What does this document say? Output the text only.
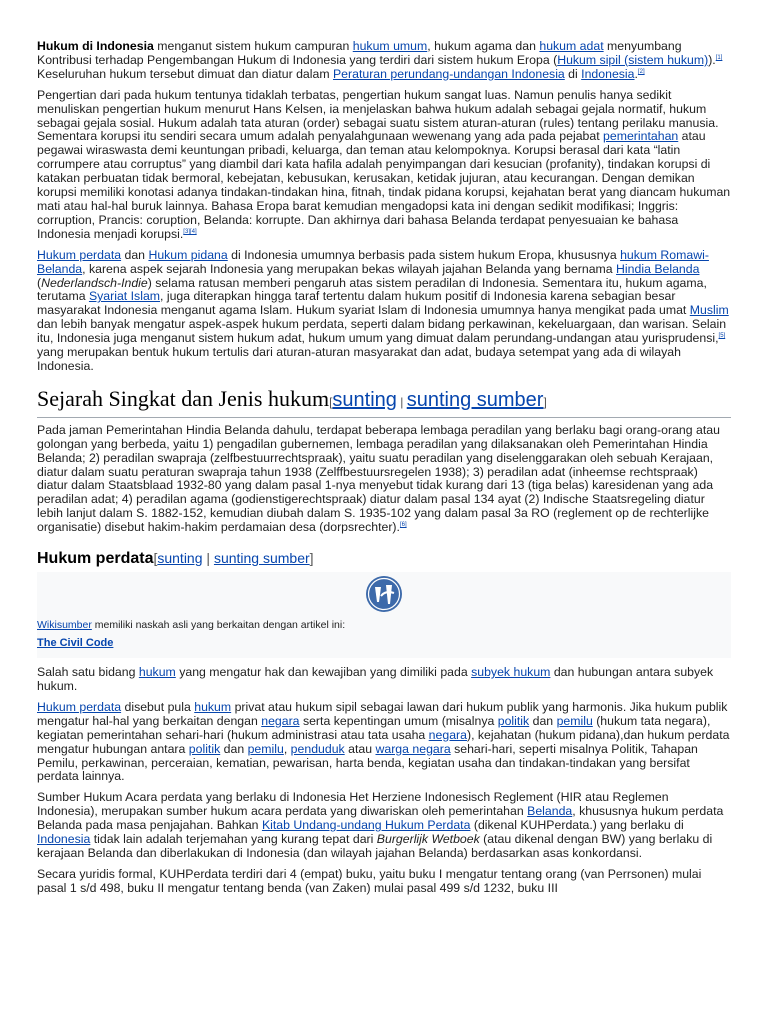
Hukum di Indonesia menganut sistem hukum campuran hukum umum, hukum agama dan hukum adat menyumbang Kontribusi terhadap Pengembangan Hukum di Indonesia yang terdiri dari sistem hukum Eropa (Hukum sipil (sistem hukum)).[1] Keseluruhan hukum tersebut dimuat dan diatur dalam Peraturan perundang-undangan Indonesia di Indonesia.[2]

Pengertian dari pada hukum tentunya tidaklah terbatas, pengertian hukum sangat luas. Namun penulis hanya sedikit menuliskan pengertian hukum menurut Hans Kelsen, ia menjelaskan bahwa hukum adalah sebagai gejala normatif, hukum sebagai gejala sosial. Hukum adalah tata aturan (order) sebagai suatu sistem aturan-aturan (rules) tentang perilaku manusia. Sementara korupsi itu sendiri secara umum adalah penyalahgunaan wewenang yang ada pada pejabat pemerintahan atau pegawai wiraswasta demi keuntungan pribadi, keluarga, dan teman atau kelompoknya. Korupsi berasal dari kata “latin corrumpere atau corruptus” yang diambil dari kata hafila adalah penyimpangan dari kesucian (profanity), tindakan korupsi di katakan perbuatan tidak bermoral, kebejatan, kebusukan, kerusakan, ketidak jujuran, atau kecurangan. Dengan demikan korupsi memiliki konotasi adanya tindakan-tindakan hina, fitnah, tindak pidana korupsi, kejahatan berat yang diancam hukuman mati atau hal-hal buruk lainnya. Bahasa Eropa barat kemudian mengadopsi kata ini dengan sedikit modifikasi; Inggris: corruption, Prancis: coruption, Belanda: korrupte. Dan akhirnya dari bahasa Belanda terdapat penyesuaian ke bahasa Indonesia menjadi korupsi.[3][4]

Hukum perdata dan Hukum pidana di Indonesia umumnya berbasis pada sistem hukum Eropa, khususnya hukum Romawi-Belanda, karena aspek sejarah Indonesia yang merupakan bekas wilayah jajahan Belanda yang bernama Hindia Belanda (Nederlandsch-Indie) selama ratusan memberi pengaruh atas sistem peradilan di Indonesia. Sementara itu, hukum agama, terutama Syariat Islam, juga diterapkan hingga taraf tertentu dalam hukum positif di Indonesia karena sebagian besar masyarakat Indonesia menganut agama Islam. Hukum syariat Islam di Indonesia umumnya hanya mengikat pada umat Muslim dan lebih banyak mengatur aspek-aspek hukum perdata, seperti dalam bidang perkawinan, kekeluargaan, dan warisan. Selain itu, Indonesia juga menganut sistem hukum adat, hukum umum yang dimuat dalam perundang-undangan atau yurisprudensi,[5] yang merupakan bentuk hukum tertulis dari aturan-aturan masyarakat dan adat, budaya setempat yang ada di wilayah Indonesia.

Sejarah Singkat dan Jenis hukum[sunting | sunting sumber]

Pada jaman Pemerintahan Hindia Belanda dahulu, terdapat beberapa lembaga peradilan yang berlaku bagi orang-orang atau golongan yang berbeda, yaitu 1) pengadilan gubernemen, lembaga peradilan yang dilaksanakan oleh Pemerintahan Hindia Belanda; 2) peradilan swapraja (zelfbestuurrechtspraak), yaitu suatu peradilan yang diselenggarakan oleh sebuah Kerajaan, diatur dalam suatu peraturan swapraja tahun 1938 (Zelffbestuursregelen 1938); 3) peradilan adat (inheemse rechtspraak) diatur dalam Staatsblaad 1932-80 yang dalam pasal 1-nya menyebut tidak kurang dari 13 (tiga belas) karesidenan yang ada peradilan adat; 4) peradilan agama (godienstigerechtspraak) diatur dalam pasal 134 ayat (2) Indische Staatsregeling diatur lebih lanjut dalam S. 1882-152, kemudian diubah dalam S. 1935-102 yang dalam pasal 3a RO (reglement op de rechterlijke organisatie) disebut hakim-hakim perdamaian desa (dorpsrechter).[6]

Hukum perdata[sunting | sunting sumber]

Wikisumber memiliki naskah asli yang berkaitan dengan artikel ini:

The Civil Code

Salah satu bidang hukum yang mengatur hak dan kewajiban yang dimiliki pada subyek hukum dan hubungan antara subyek hukum.

Hukum perdata disebut pula hukum privat atau hukum sipil sebagai lawan dari hukum publik yang harmonis. Jika hukum publik mengatur hal-hal yang berkaitan dengan negara serta kepentingan umum (misalnya politik dan pemilu (hukum tata negara), kegiatan pemerintahan sehari-hari (hukum administrasi atau tata usaha negara), kejahatan (hukum pidana),dan hukum perdata mengatur hubungan antara politik dan pemilu, penduduk atau warga negara sehari-hari, seperti misalnya Politik, Tahapan Pemilu, perkawinan, perceraian, kematian, pewarisan, harta benda, kegiatan usaha dan tindakan-tindakan yang bersifat perdata lainnya.

Sumber Hukum Acara perdata yang berlaku di Indonesia Het Herziene Indonesisch Reglement (HIR atau Reglemen Indonesia), merupakan sumber hukum acara perdata yang diwariskan oleh pemerintahan Belanda, khususnya hukum perdata Belanda pada masa penjajahan. Bahkan Kitab Undang-undang Hukum Perdata (dikenal KUHPerdata.) yang berlaku di Indonesia tidak lain adalah terjemahan yang kurang tepat dari Burgerlijk Wetboek (atau dikenal dengan BW) yang berlaku di kerajaan Belanda dan diberlakukan di Indonesia (dan wilayah jajahan Belanda) berdasarkan asas konkordansi.

Secara yuridis formal, KUHPerdata terdiri dari 4 (empat) buku, yaitu buku I mengatur tentang orang (van Perrsonen) mulai pasal 1 s/d 498, buku II mengatur tentang benda (van Zaken) mulai pasal 499 s/d 1232, buku III
